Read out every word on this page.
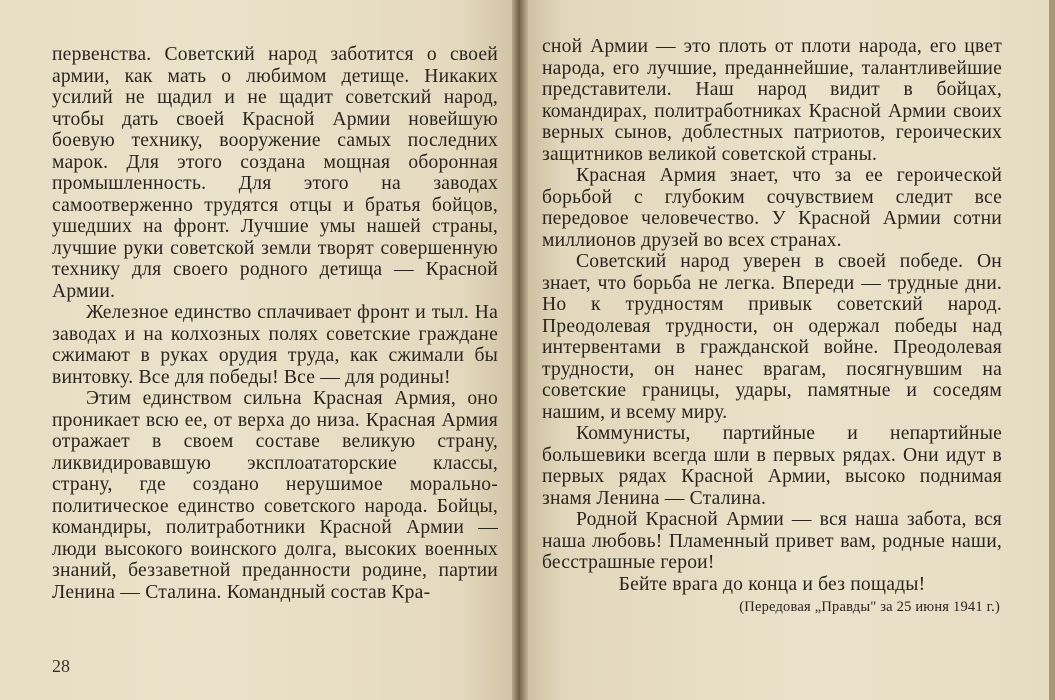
первенства. Советский народ заботится о своей армии, как мать о любимом детище. Никаких усилий не щадил и не щадит советский народ, чтобы дать своей Красной Армии новейшую боевую технику, вооружение самых последних марок. Для этого создана мощная оборонная промышленность. Для этого на заводах самоотверженно трудятся отцы и братья бойцов, ушедших на фронт. Лучшие умы нашей страны, лучшие руки советской земли творят совершенную технику для своего родного детища — Красной Армии.

Железное единство сплачивает фронт и тыл. На заводах и на колхозных полях советские граждане сжимают в руках орудия труда, как сжимали бы винтовку. Все для победы! Все — для родины!

Этим единством сильна Красная Армия, оно проникает всю ее, от верха до низа. Красная Армия отражает в своем составе великую страну, ликвидировавшую эксплоататорские классы, страну, где создано нерушимое морально-политическое единство советского народа. Бойцы, командиры, политработники Красной Армии — люди высокого воинского долга, высоких военных знаний, беззаветной преданности родине, партии Ленина — Сталина. Командный состав Кра-

28

сной Армии — это плоть от плоти народа, его цвет народа, его лучшие, преданнейшие, талантливейшие представители. Наш народ видит в бойцах, командирах, политработниках Красной Армии своих верных сынов, доблестных патриотов, героических защитников великой советской страны.

Красная Армия знает, что за ее героической борьбой с глубоким сочувствием следит все передовое человечество. У Красной Армии сотни миллионов друзей во всех странах.

Советский народ уверен в своей победе. Он знает, что борьба не легка. Впереди — трудные дни. Но к трудностям привык советский народ. Преодолевая трудности, он одержал победы над интервентами в гражданской войне. Преодолевая трудности, он нанес врагам, посягнувшим на советские границы, удары, памятные и соседям нашим, и всему миру.

Коммунисты, партийные и непартийные большевики всегда шли в первых рядах. Они идут в первых рядах Красной Армии, высоко поднимая знамя Ленина — Сталина.

Родной Красной Армии — вся наша забота, вся наша любовь! Пламенный привет вам, родные наши, бесстрашные герои!

Бейте врага до конца и без пощады!

(Передовая „Правды" за 25 июня 1941 г.)
